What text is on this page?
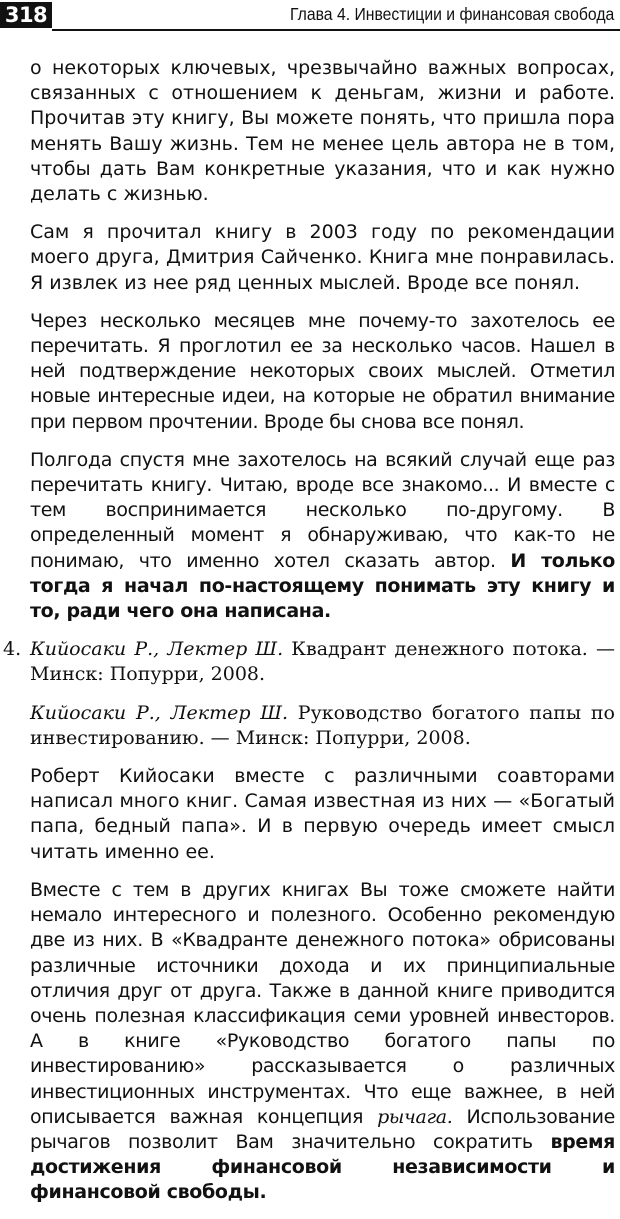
318	Глава 4. Инвестиции и финансовая свобода

о некоторых ключевых, чрезвычайно важных вопросах, связанных с отношением к деньгам, жизни и работе. Прочитав эту книгу, Вы можете понять, что пришла пора менять Вашу жизнь. Тем не менее цель автора не в том, чтобы дать Вам конкретные указания, что и как нужно делать с жизнью.

Сам я прочитал книгу в 2003 году по рекомендации моего друга, Дмитрия Сайченко. Книга мне понравилась. Я извлек из нее ряд ценных мыслей. Вроде все понял.

Через несколько месяцев мне почему-то захотелось ее перечитать. Я проглотил ее за несколько часов. Нашел в ней подтверждение некоторых своих мыслей. Отметил новые интересные идеи, на которые не обратил внимание при первом прочтении. Вроде бы снова все понял.

Полгода спустя мне захотелось на всякий случай еще раз перечитать книгу. Читаю, вроде все знакомо... И вместе с тем воспринимается несколько по-другому. В определенный момент я обнаруживаю, что как-то не понимаю, что именно хотел сказать автор. И только тогда я начал по-настоящему понимать эту книгу и то, ради чего она написана.

4. Кийосаки Р., Лектер Ш. Квадрант денежного потока. — Минск: Попурри, 2008.

Кийосаки Р., Лектер Ш. Руководство богатого папы по инвестированию. — Минск: Попурри, 2008.

Роберт Кийосаки вместе с различными соавторами написал много книг. Самая известная из них — «Богатый папа, бедный папа». И в первую очередь имеет смысл читать именно ее.

Вместе с тем в других книгах Вы тоже сможете найти немало интересного и полезного. Особенно рекомендую две из них. В «Квадранте денежного потока» обрисованы различные источники дохода и их принципиальные отличия друг от друга. Также в данной книге приводится очень полезная классификация семи уровней инвесторов. А в книге «Руководство богатого папы по инвестированию» рассказывается о различных инвестиционных инструментах. Что еще важнее, в ней описывается важная концепция рычага. Использование рычагов позволит Вам значительно сократить время достижения финансовой независимости и финансовой свободы.
